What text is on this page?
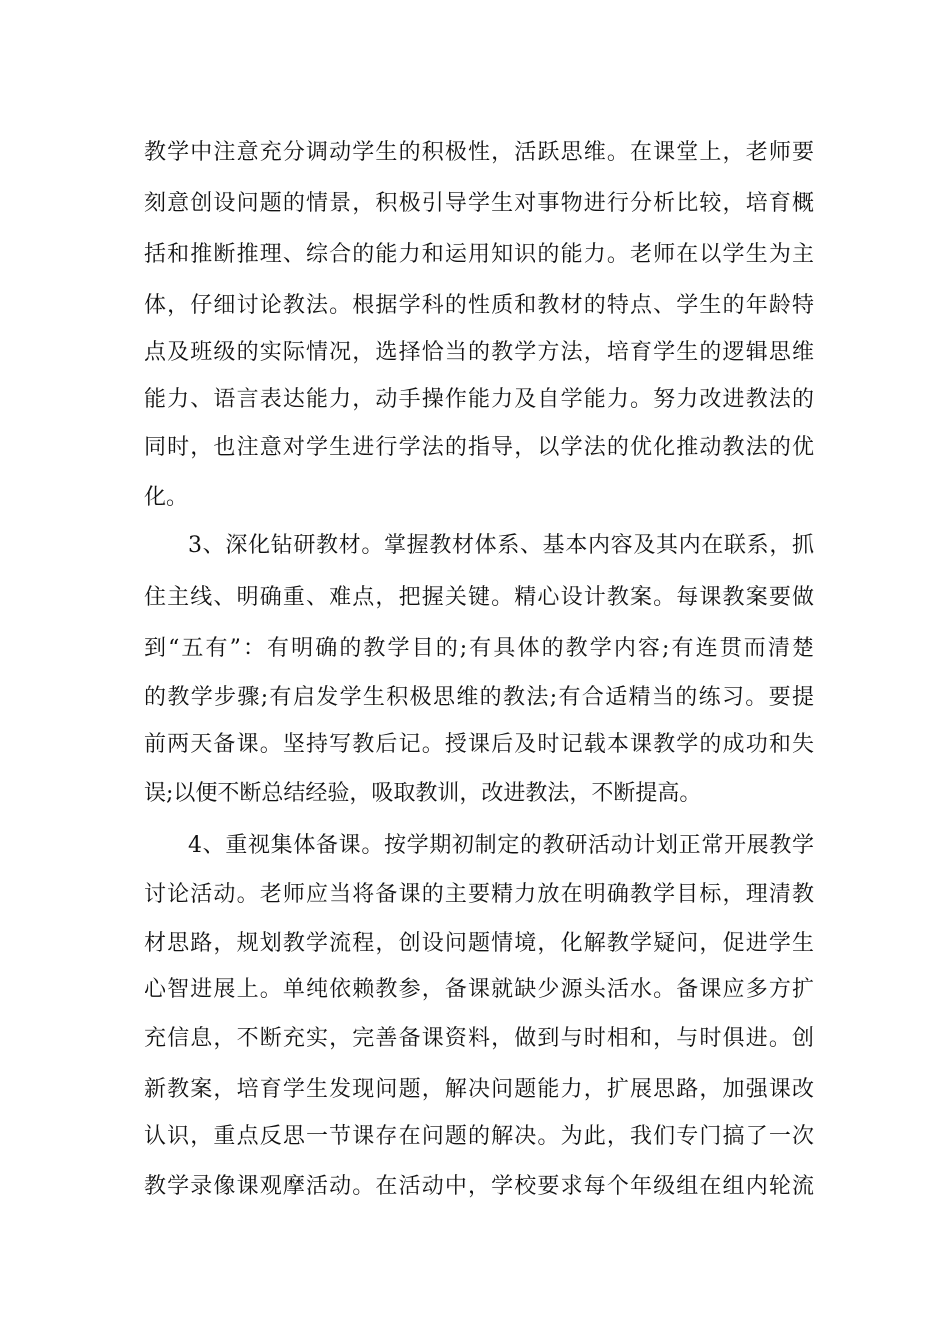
教学中注意充分调动学生的积极性，活跃思维。在课堂上，老师要
刻意创设问题的情景，积极引导学生对事物进行分析比较，培育概
括和推断推理、综合的能力和运用知识的能力。老师在以学生为主
体，仔细讨论教法。根据学科的性质和教材的特点、学生的年龄特
点及班级的实际情况，选择恰当的教学方法，培育学生的逻辑思维
能力、语言表达能力，动手操作能力及自学能力。努力改进教法的
同时，也注意对学生进行学法的指导，以学法的优化推动教法的优
化。
3、深化钻研教材。掌握教材体系、基本内容及其内在联系，抓
住主线、明确重、难点，把握关键。精心设计教案。每课教案要做
到“五有”：有明确的教学目的;有具体的教学内容;有连贯而清楚
的教学步骤;有启发学生积极思维的教法;有合适精当的练习。要提
前两天备课。坚持写教后记。授课后及时记载本课教学的成功和失
误;以便不断总结经验，吸取教训，改进教法，不断提高。
4、重视集体备课。按学期初制定的教研活动计划正常开展教学
讨论活动。老师应当将备课的主要精力放在明确教学目标，理清教
材思路，规划教学流程，创设问题情境，化解教学疑问，促进学生
心智进展上。单纯依赖教参，备课就缺少源头活水。备课应多方扩
充信息，不断充实，完善备课资料，做到与时相和，与时俱进。创
新教案，培育学生发现问题，解决问题能力，扩展思路，加强课改
认识，重点反思一节课存在问题的解决。为此，我们专门搞了一次
教学录像课观摩活动。在活动中，学校要求每个年级组在组内轮流
